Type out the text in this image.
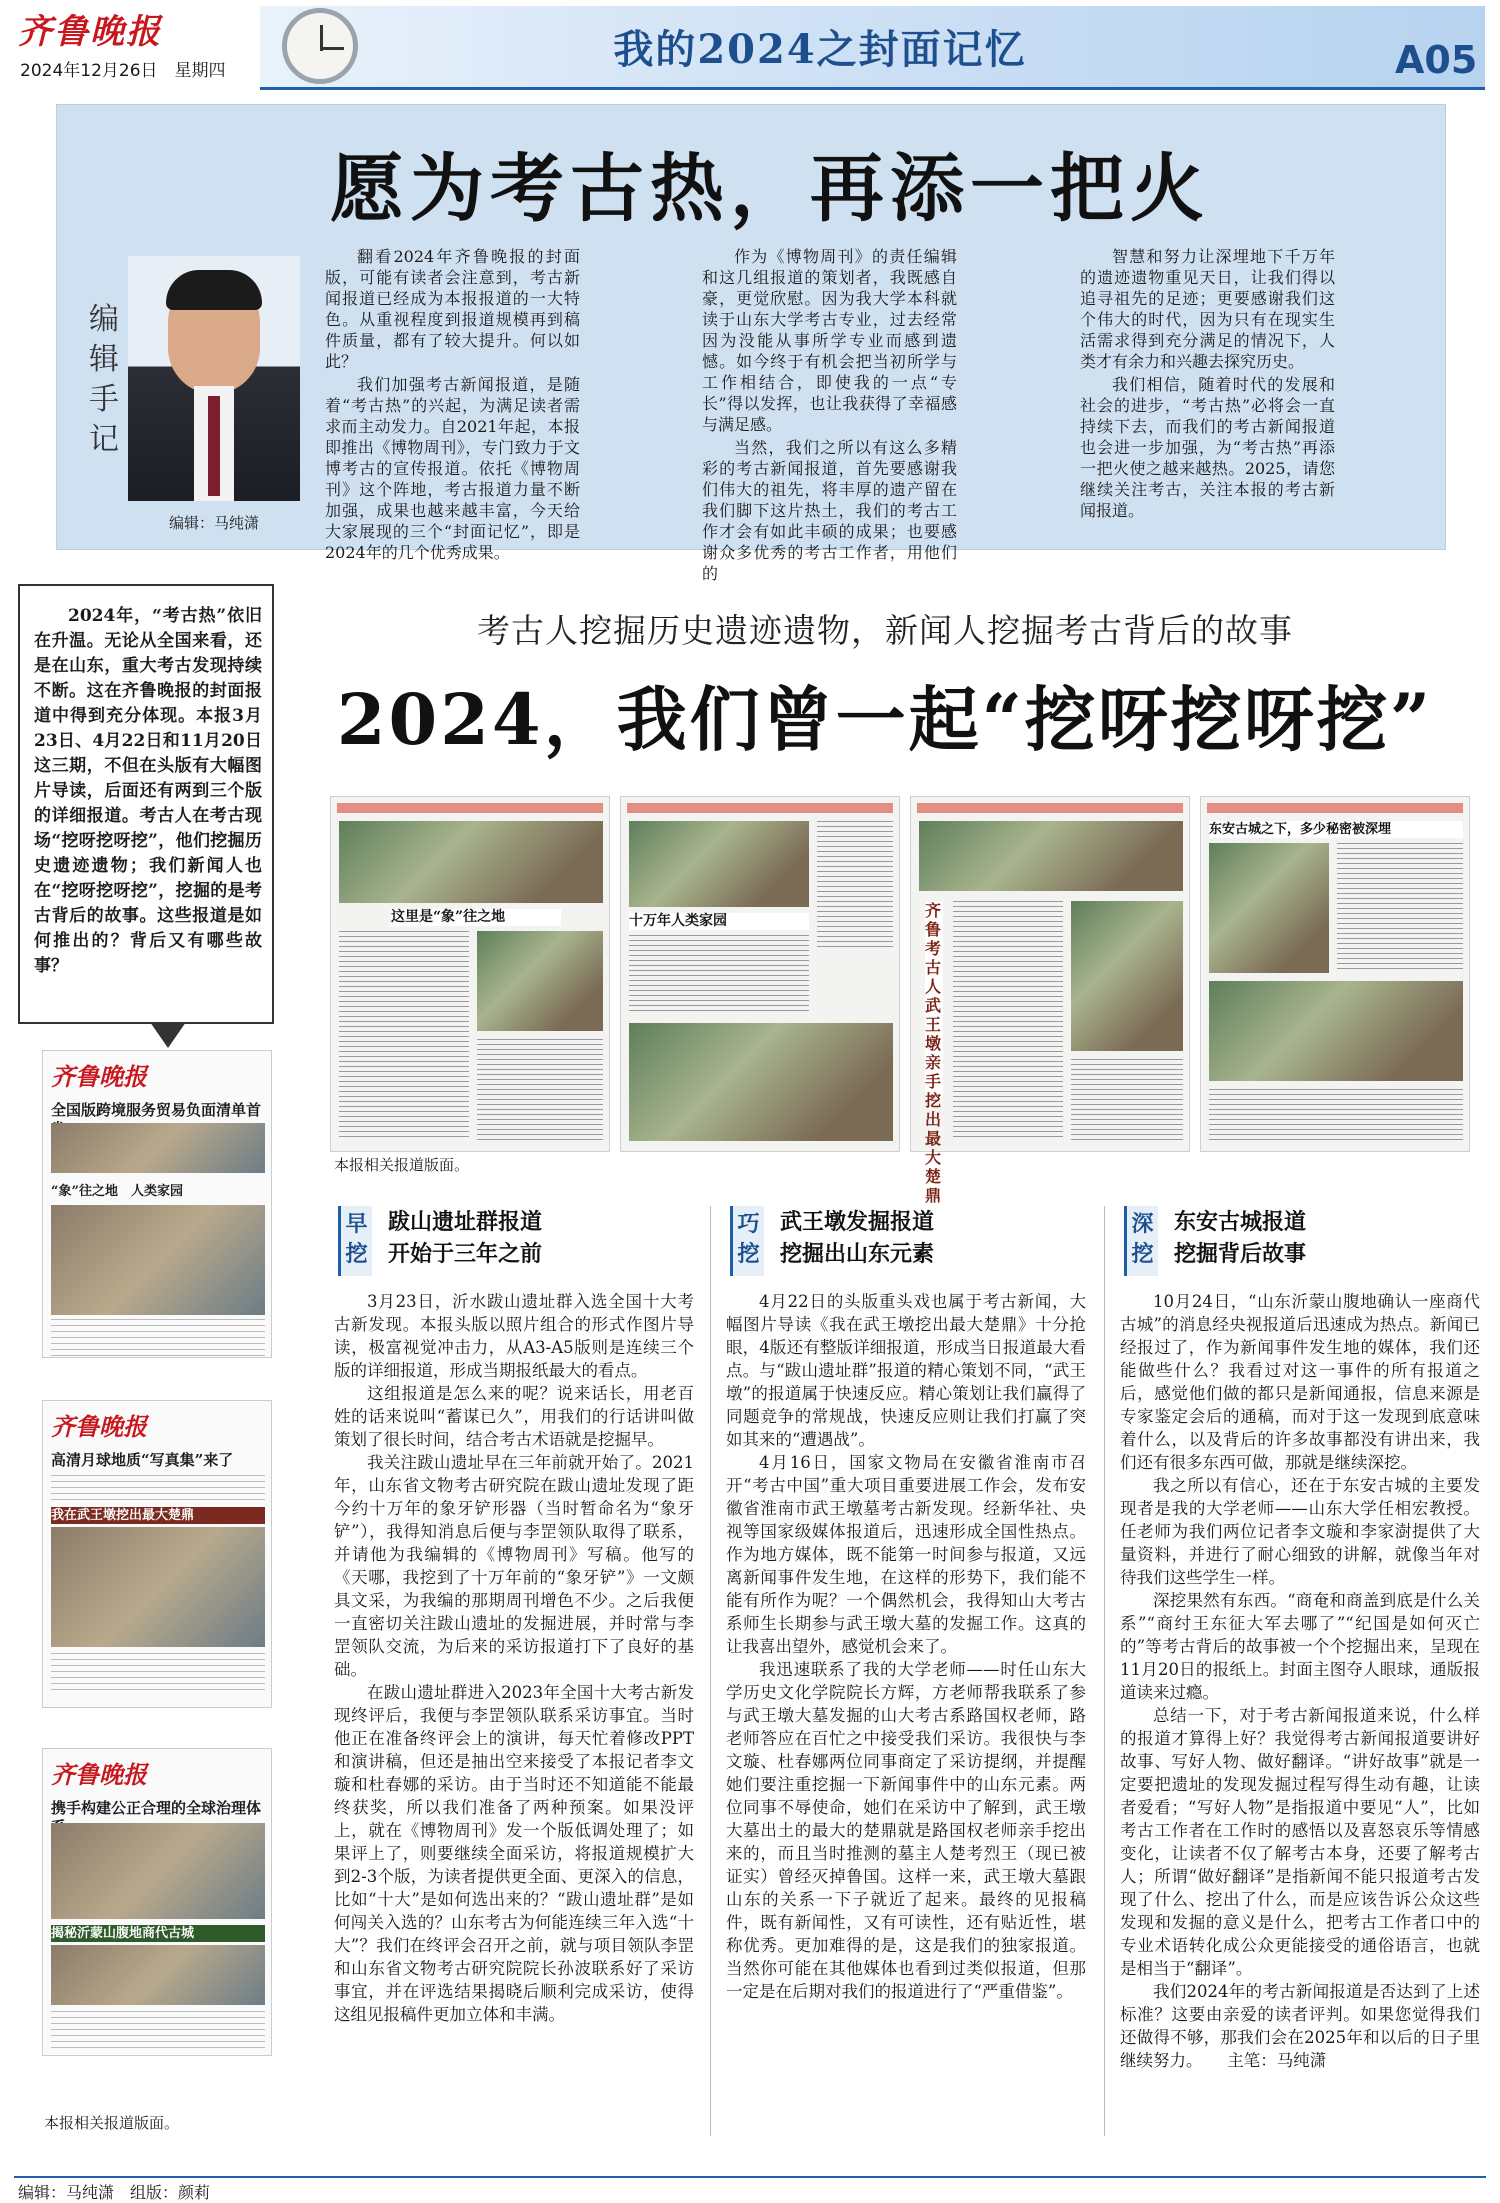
齐鲁晚报
2024年12月26日　星期四	我的2024之封面记忆	A05
愿为考古热，再添一把火
编辑手记
编辑：马纯潇

翻看2024年齐鲁晚报的封面版，可能有读者会注意到，考古新闻报道已经成为本报报道的一大特色。从重视程度到报道规模再到稿件质量，都有了较大提升。何以如此？

我们加强考古新闻报道，是随着“考古热”的兴起，为满足读者需求而主动发力。自2021年起，本报即推出《博物周刊》，专门致力于文博考古的宣传报道。依托《博物周刊》这个阵地，考古报道力量不断加强，成果也越来越丰富，今天给大家展现的三个“封面记忆”，即是2024年的几个优秀成果。

作为《博物周刊》的责任编辑和这几组报道的策划者，我既感自豪，更觉欣慰。因为我大学本科就读于山东大学考古专业，过去经常因为没能从事所学专业而感到遗憾。如今终于有机会把当初所学与工作相结合，即使我的一点“专长”得以发挥，也让我获得了幸福感与满足感。

当然，我们之所以有这么多精彩的考古新闻报道，首先要感谢我们伟大的祖先，将丰厚的遗产留在我们脚下这片热土，我们的考古工作才会有如此丰硕的成果；也要感谢众多优秀的考古工作者，用他们的

智慧和努力让深埋地下千万年的遗迹遗物重见天日，让我们得以追寻祖先的足迹；更要感谢我们这个伟大的时代，因为只有在现实生活需求得到充分满足的情况下，人类才有余力和兴趣去探究历史。

我们相信，随着时代的发展和社会的进步，“考古热”必将会一直持续下去，而我们的考古新闻报道也会进一步加强，为“考古热”再添一把火使之越来越热。2025，请您继续关注考古，关注本报的考古新闻报道。

2024年，“考古热”依旧在升温。无论从全国来看，还是在山东，重大考古发现持续不断。这在齐鲁晚报的封面报道中得到充分体现。本报3月23日、4月22日和11月20日这三期，不但在头版有大幅图片导读，后面还有两到三个版的详细报道。考古人在考古现场“挖呀挖呀挖”，他们挖掘历史遗迹遗物；我们新闻人也在“挖呀挖呀挖”，挖掘的是考古背后的故事。这些报道是如何推出的？背后又有哪些故事？

齐鲁晚报
全国版跨境服务贸易负面清单首
“象”往之地　人类家园
齐鲁晚报
高清月球地质“写真集”来了
我在武王墩挖出最大楚鼎
齐鲁晚报
携手构建公正合理的全球治理体
揭秘沂蒙山腹地商代古城
本报相关报道版面。
考古人挖掘历史遗迹遗物，新闻人挖掘考古背后的故事
2024，我们曾一起“挖呀挖呀挖”
这里是“象”往之地	十万年人类家园
齐鲁考古人武王墩亲手挖出最大楚鼎
东安古城之下，多少秘密被深埋
本报相关报道版面。
早挖
跋山遗址群报道
开始于三年之前

3月23日，沂水跋山遗址群入选全国十大考古新发现。本报头版以照片组合的形式作图片导读，极富视觉冲击力，从A3-A5版则是连续三个版的详细报道，形成当期报纸最大的看点。

这组报道是怎么来的呢？说来话长，用老百姓的话来说叫“蓄谋已久”，用我们的行话讲叫做策划了很长时间，结合考古术语就是挖掘早。

我关注跋山遗址早在三年前就开始了。2021年，山东省文物考古研究院在跋山遗址发现了距今约十万年的象牙铲形器（当时暂命名为“象牙铲”），我得知消息后便与李罡领队取得了联系，并请他为我编辑的《博物周刊》写稿。他写的《天哪，我挖到了十万年前的“象牙铲”》一文颇具文采，为我编的那期周刊增色不少。之后我便一直密切关注跋山遗址的发掘进展，并时常与李罡领队交流，为后来的采访报道打下了良好的基础。

在跋山遗址群进入2023年全国十大考古新发现终评后，我便与李罡领队联系采访事宜。当时他正在准备终评会上的演讲，每天忙着修改PPT和演讲稿，但还是抽出空来接受了本报记者李文璇和杜春娜的采访。由于当时还不知道能不能最终获奖，所以我们准备了两种预案。如果没评上，就在《博物周刊》发一个版低调处理了；如果评上了，则要继续全面采访，将报道规模扩大到2-3个版，为读者提供更全面、更深入的信息，比如“十大”是如何选出来的？“跋山遗址群”是如何闯关入选的？山东考古为何能连续三年入选“十大”？我们在终评会召开之前，就与项目领队李罡和山东省文物考古研究院院长孙波联系好了采访事宜，并在评选结果揭晓后顺利完成采访，使得这组见报稿件更加立体和丰满。

巧挖
武王墩发掘报道
挖掘出山东元素

4月22日的头版重头戏也属于考古新闻，大幅图片导读《我在武王墩挖出最大楚鼎》十分抢眼，4版还有整版详细报道，形成当日报道最大看点。与“跋山遗址群”报道的精心策划不同，“武王墩”的报道属于快速反应。精心策划让我们赢得了同题竞争的常规战，快速反应则让我们打赢了突如其来的“遭遇战”。

4月16日，国家文物局在安徽省淮南市召开“考古中国”重大项目重要进展工作会，发布安徽省淮南市武王墩墓考古新发现。经新华社、央视等国家级媒体报道后，迅速形成全国性热点。作为地方媒体，既不能第一时间参与报道，又远离新闻事件发生地，在这样的形势下，我们能不能有所作为呢？一个偶然机会，我得知山大考古系师生长期参与武王墩大墓的发掘工作。这真的让我喜出望外，感觉机会来了。

我迅速联系了我的大学老师——时任山东大学历史文化学院院长方辉，方老师帮我联系了参与武王墩大墓发掘的山大考古系路国权老师，路老师答应在百忙之中接受我们采访。我很快与李文璇、杜春娜两位同事商定了采访提纲，并提醒她们要注重挖掘一下新闻事件中的山东元素。两位同事不辱使命，她们在采访中了解到，武王墩大墓出土的最大的楚鼎就是路国权老师亲手挖出来的，而且当时推测的墓主人楚考烈王（现已被证实）曾经灭掉鲁国。这样一来，武王墩大墓跟山东的关系一下子就近了起来。最终的见报稿件，既有新闻性，又有可读性，还有贴近性，堪称优秀。更加难得的是，这是我们的独家报道。当然你可能在其他媒体也看到过类似报道，但那一定是在后期对我们的报道进行了“严重借鉴”。

深挖
东安古城报道
挖掘背后故事

10月24日，“山东沂蒙山腹地确认一座商代古城”的消息经央视报道后迅速成为热点。新闻已经报过了，作为新闻事件发生地的媒体，我们还能做些什么？我看过对这一事件的所有报道之后，感觉他们做的都只是新闻通报，信息来源是专家鉴定会后的通稿，而对于这一发现到底意味着什么，以及背后的许多故事都没有讲出来，我们还有很多东西可做，那就是继续深挖。

我之所以有信心，还在于东安古城的主要发现者是我的大学老师——山东大学任相宏教授。任老师为我们两位记者李文璇和李家澍提供了大量资料，并进行了耐心细致的讲解，就像当年对待我们这些学生一样。

深挖果然有东西。“商奄和商盖到底是什么关系”“商纣王东征大军去哪了”“纪国是如何灭亡的”等考古背后的故事被一个个挖掘出来，呈现在11月20日的报纸上。封面主图夺人眼球，通版报道读来过瘾。

总结一下，对于考古新闻报道来说，什么样的报道才算得上好？我觉得考古新闻报道要讲好故事、写好人物、做好翻译。“讲好故事”就是一定要把遗址的发现发掘过程写得生动有趣，让读者爱看；“写好人物”是指报道中要见“人”，比如考古工作者在工作时的感悟以及喜怒哀乐等情感变化，让读者不仅了解考古本身，还要了解考古人；所谓“做好翻译”是指新闻不能只报道考古发现了什么、挖出了什么，而是应该告诉公众这些发现和发掘的意义是什么，把考古工作者口中的专业术语转化成公众更能接受的通俗语言，也就是相当于“翻译”。

我们2024年的考古新闻报道是否达到了上述标准？这要由亲爱的读者评判。如果您觉得我们还做得不够，那我们会在2025年和以后的日子里继续努力。　　主笔：马纯潇

编辑：马纯潇　组版：颜莉
